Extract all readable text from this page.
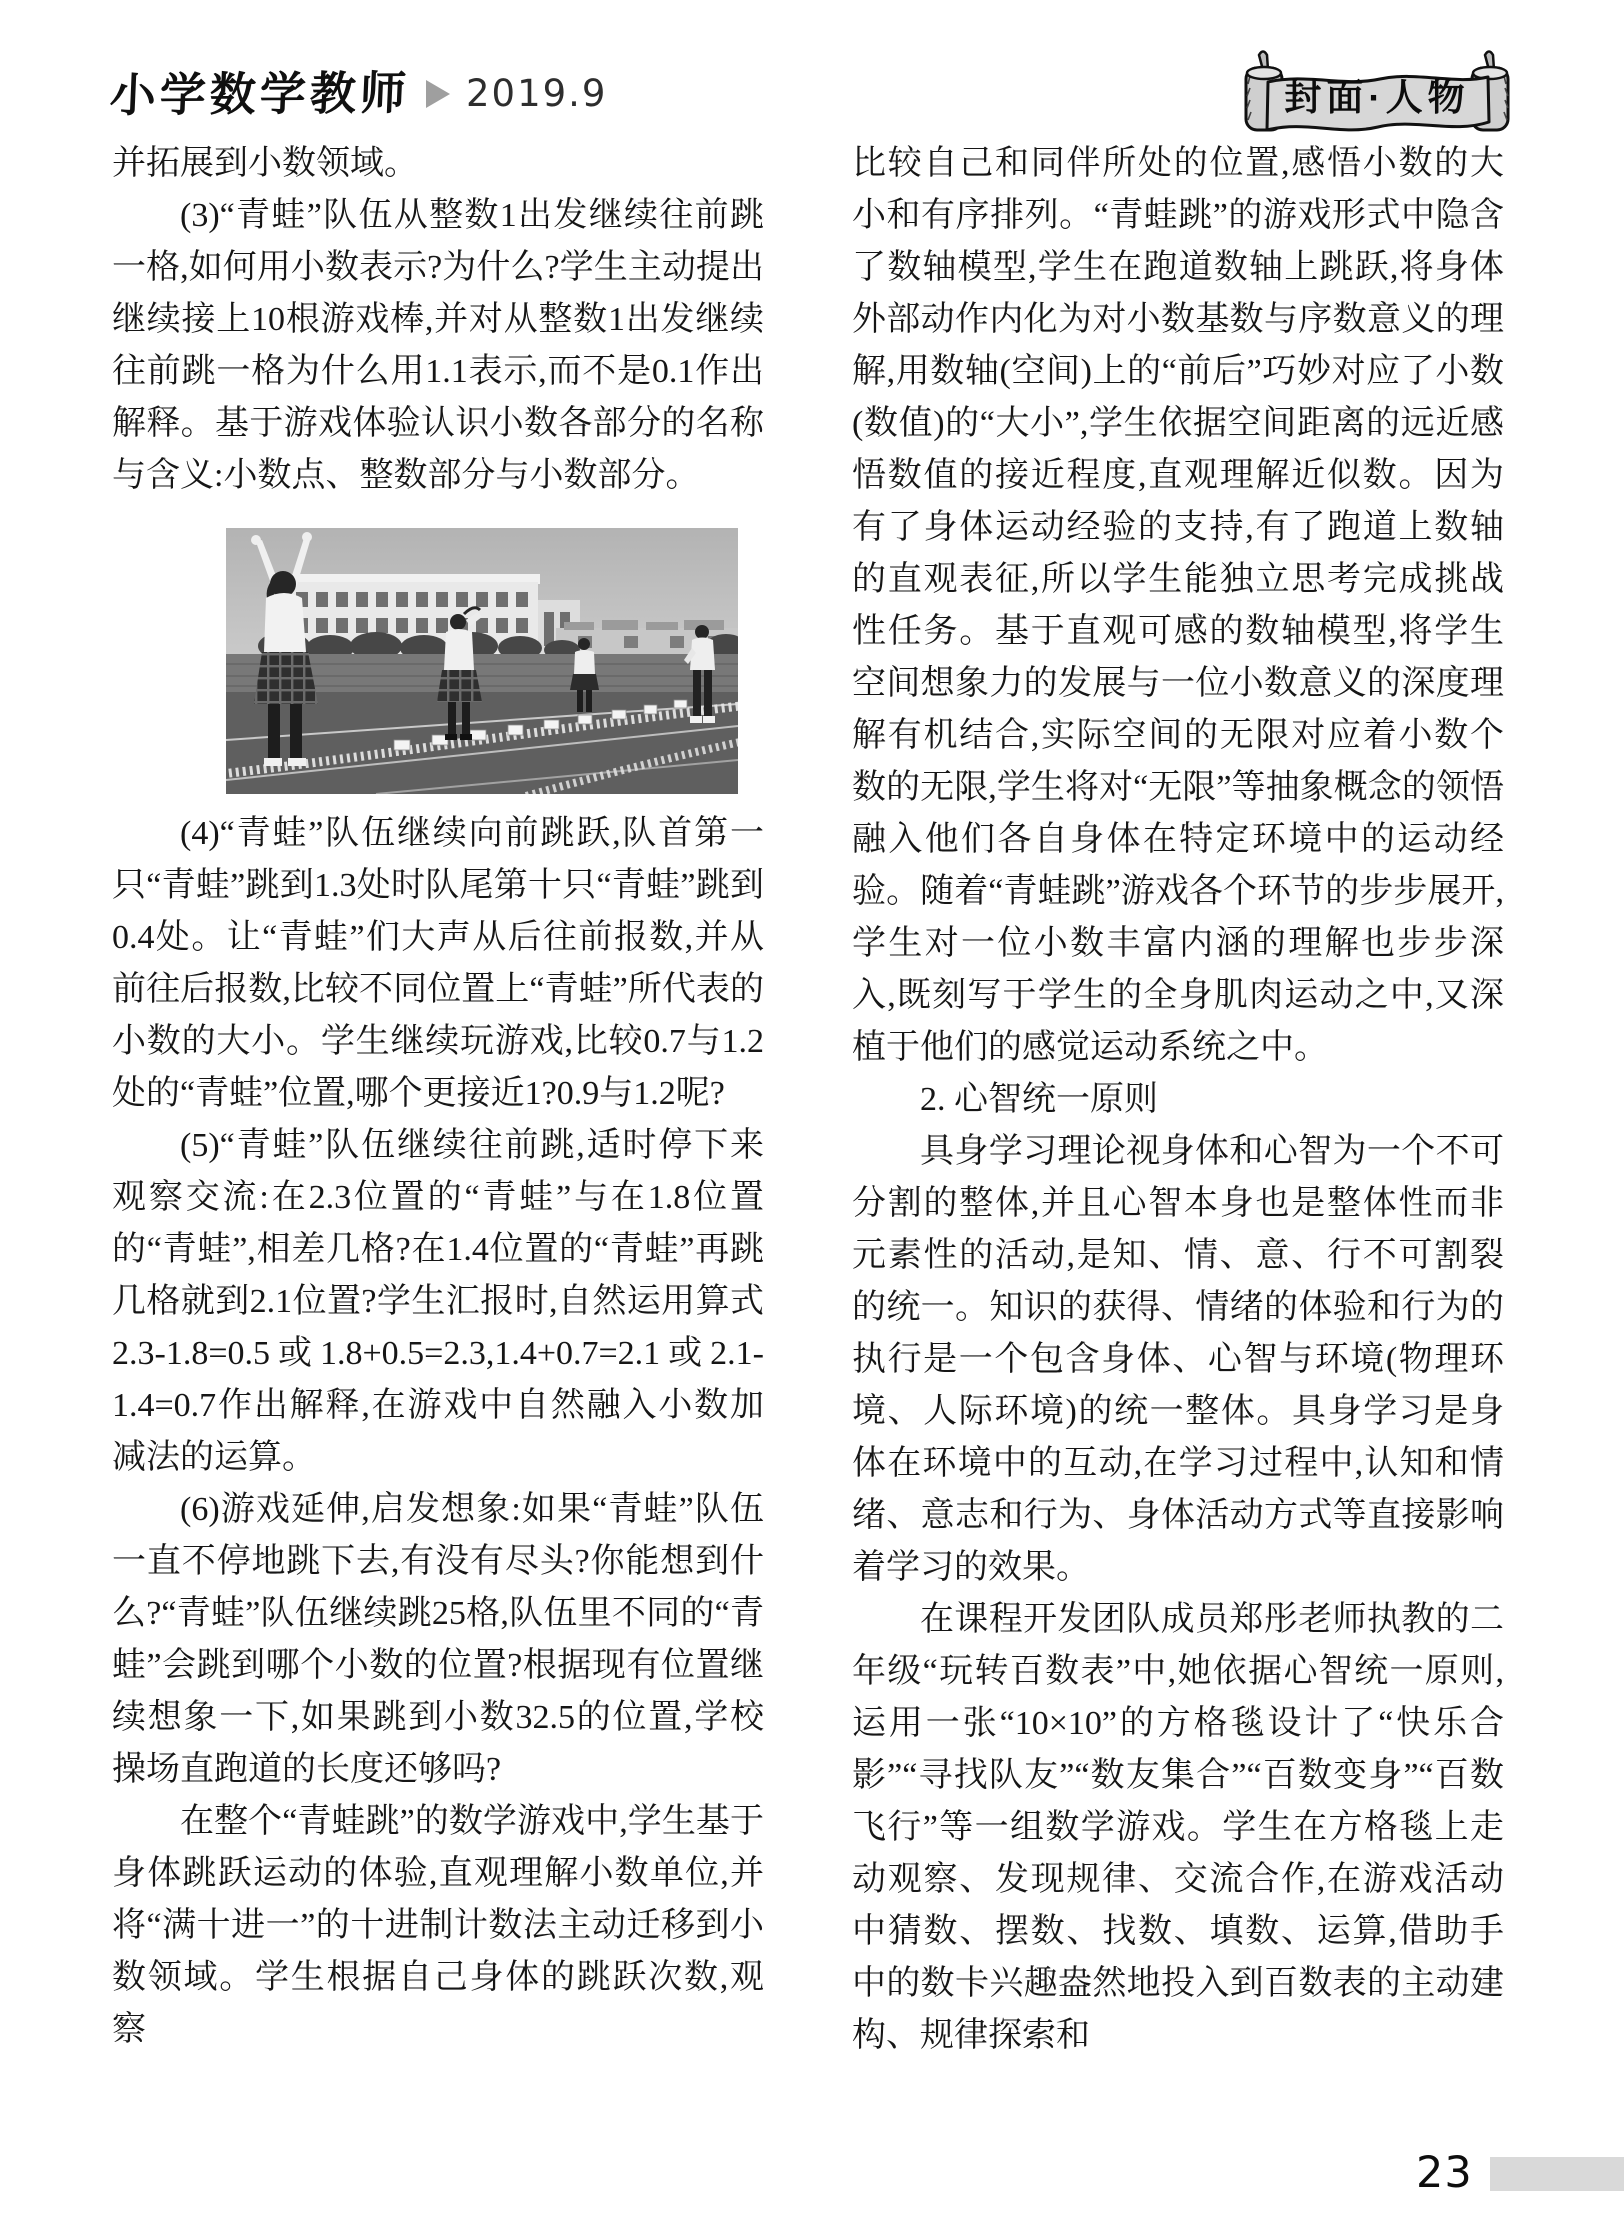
小学数学教师 2019.9	封面·人物

并拓展到小数领域。

(3)“青蛙”队伍从整数1出发继续往前跳一格,如何用小数表示?为什么?学生主动提出继续接上10根游戏棒,并对从整数1出发继续往前跳一格为什么用1.1表示,而不是0.1作出解释。基于游戏体验认识小数各部分的名称与含义:小数点、整数部分与小数部分。

(4)“青蛙”队伍继续向前跳跃,队首第一只“青蛙”跳到1.3处时队尾第十只“青蛙”跳到0.4处。让“青蛙”们大声从后往前报数,并从前往后报数,比较不同位置上“青蛙”所代表的小数的大小。学生继续玩游戏,比较0.7与1.2处的“青蛙”位置,哪个更接近1?0.9与1.2呢?

(5)“青蛙”队伍继续往前跳,适时停下来观察交流:在2.3位置的“青蛙”与在1.8位置的“青蛙”,相差几格?在1.4位置的“青蛙”再跳几格就到2.1位置?学生汇报时,自然运用算式2.3-1.8=0.5或1.8+0.5=2.3,1.4+0.7=2.1或2.1-1.4=0.7作出解释,在游戏中自然融入小数加减法的运算。

(6)游戏延伸,启发想象:如果“青蛙”队伍一直不停地跳下去,有没有尽头?你能想到什么?“青蛙”队伍继续跳25格,队伍里不同的“青蛙”会跳到哪个小数的位置?根据现有位置继续想象一下,如果跳到小数32.5的位置,学校操场直跑道的长度还够吗?

在整个“青蛙跳”的数学游戏中,学生基于身体跳跃运动的体验,直观理解小数单位,并将“满十进一”的十进制计数法主动迁移到小数领域。学生根据自己身体的跳跃次数,观察

比较自己和同伴所处的位置,感悟小数的大小和有序排列。“青蛙跳”的游戏形式中隐含了数轴模型,学生在跑道数轴上跳跃,将身体外部动作内化为对小数基数与序数意义的理解,用数轴(空间)上的“前后”巧妙对应了小数(数值)的“大小”,学生依据空间距离的远近感悟数值的接近程度,直观理解近似数。因为有了身体运动经验的支持,有了跑道上数轴的直观表征,所以学生能独立思考完成挑战性任务。基于直观可感的数轴模型,将学生空间想象力的发展与一位小数意义的深度理解有机结合,实际空间的无限对应着小数个数的无限,学生将对“无限”等抽象概念的领悟融入他们各自身体在特定环境中的运动经验。随着“青蛙跳”游戏各个环节的步步展开,学生对一位小数丰富内涵的理解也步步深入,既刻写于学生的全身肌肉运动之中,又深植于他们的感觉运动系统之中。

2. 心智统一原则

具身学习理论视身体和心智为一个不可分割的整体,并且心智本身也是整体性而非元素性的活动,是知、情、意、行不可割裂的统一。知识的获得、情绪的体验和行为的执行是一个包含身体、心智与环境(物理环境、人际环境)的统一整体。具身学习是身体在环境中的互动,在学习过程中,认知和情绪、意志和行为、身体活动方式等直接影响着学习的效果。

在课程开发团队成员郑彤老师执教的二年级“玩转百数表”中,她依据心智统一原则,运用一张“10×10”的方格毯设计了“快乐合影”“寻找队友”“数友集合”“百数变身”“百数飞行”等一组数学游戏。学生在方格毯上走动观察、发现规律、交流合作,在游戏活动中猜数、摆数、找数、填数、运算,借助手中的数卡兴趣盎然地投入到百数表的主动建构、规律探索和

23
